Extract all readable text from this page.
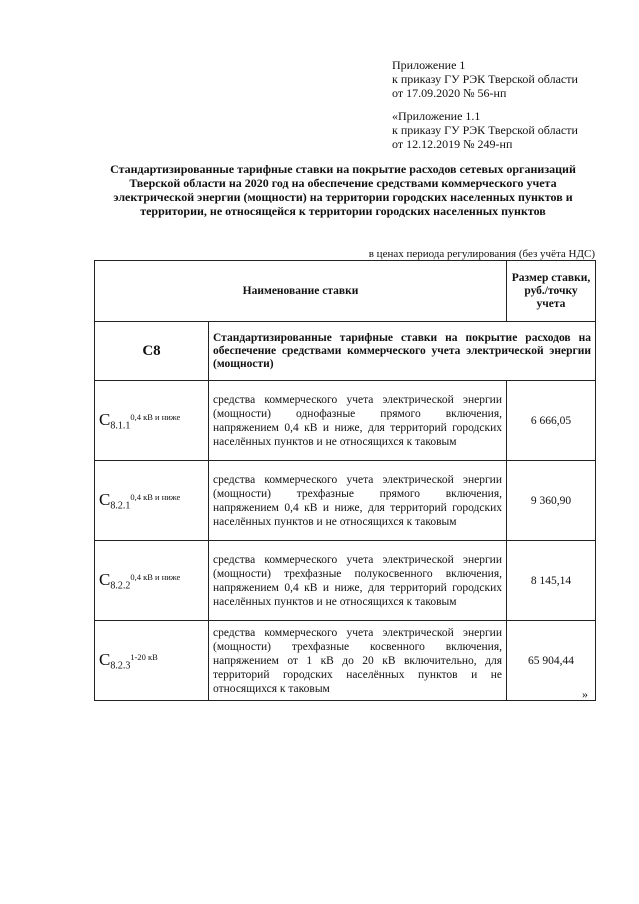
Приложение 1
к приказу ГУ РЭК Тверской области
от 17.09.2020 № 56-нп
«Приложение 1.1
к приказу ГУ РЭК Тверской области
от 12.12.2019 № 249-нп
Стандартизированные тарифные ставки на покрытие расходов сетевых организаций Тверской области на 2020 год на обеспечение средствами коммерческого учета электрической энергии (мощности) на территории городских населенных пунктов и территории, не относящейся к территории городских населенных пунктов
в ценах периода регулирования (без учёта НДС)
Наименование ставки		Размер ставки, руб./точку учета
C8	Стандартизированные тарифные ставки на покрытие расходов на обеспечение средствами коммерческого учета электрической энергии (мощности)	
$C_{8.1.1}^{0,4 кВ и ниже}$	средства коммерческого учета электрической энергии (мощности) однофазные прямого включения, напряжением 0,4 кВ и ниже, для территорий городских населённых пунктов и не относящихся к таковым	6 666,05
$C_{8.2.1}^{0,4 кВ и ниже}$	средства коммерческого учета электрической энергии (мощности) трехфазные прямого включения, напряжением 0,4 кВ и ниже, для территорий городских населённых пунктов и не относящихся к таковым	9 360,90
$C_{8.2.2}^{0,4 кВ и ниже}$	средства коммерческого учета электрической энергии (мощности) трехфазные полукосвенного включения, напряжением 0,4 кВ и ниже, для территорий городских населённых пунктов и не относящихся к таковым	8 145,14
$C_{8.2.3}^{1-20 кВ}$	средства коммерческого учета электрической энергии (мощности) трехфазные косвенного включения, напряжением от 1 кВ до 20 кВ включительно, для территорий городских населённых пунктов и не относящихся к таковым	65 904,44
»
